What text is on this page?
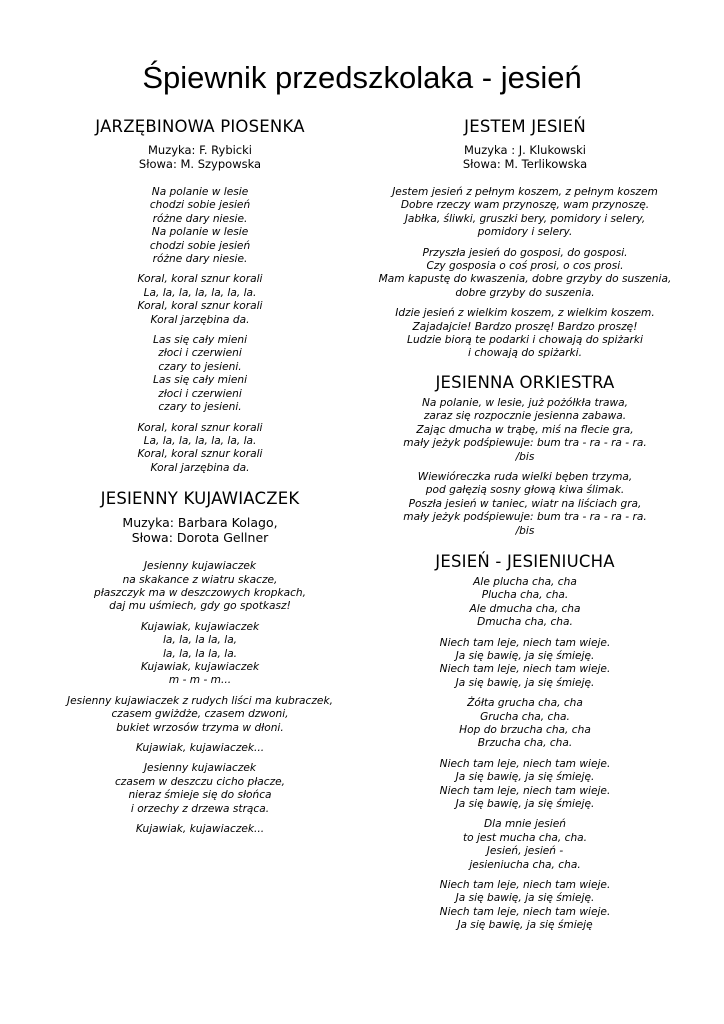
Śpiewnik przedszkolaka - jesień
JARZĘBINOWA PIOSENKA
Muzyka: F. Rybicki
Słowa: M. Szypowska
Na polanie w lesie
chodzi sobie jesień
różne dary niesie.
Na polanie w lesie
chodzi sobie jesień
różne dary niesie.
Koral, koral sznur korali
La, la, la, la, la, la, la.
Koral, koral sznur korali
Koral jarzębina da.
Las się cały mieni
złoci i czerwieni
czary to jesieni.
Las się cały mieni
złoci i czerwieni
czary to jesieni.
Koral, koral sznur korali
La, la, la, la, la, la, la.
Koral, koral sznur korali
Koral jarzębina da.
JESIENNY KUJAWIACZEK
Muzyka: Barbara Kolago,
Słowa: Dorota Gellner
Jesienny kujawiaczek
na skakance z wiatru skacze,
płaszczyk ma w deszczowych kropkach,
daj mu uśmiech, gdy go spotkasz!
Kujawiak, kujawiaczek
la, la, la la, la,
la, la, la la, la.
Kujawiak, kujawiaczek
m - m - m...
Jesienny kujawiaczek z rudych liści ma kubraczek,
czasem gwiżdże, czasem dzwoni,
bukiet wrzosów trzyma w dłoni.
Kujawiak, kujawiaczek...
Jesienny kujawiaczek
czasem w deszczu cicho płacze,
nieraz śmieje się do słońca
i orzechy z drzewa strąca.
Kujawiak, kujawiaczek...
JESTEM JESIEŃ
Muzyka : J. Klukowski
Słowa: M. Terlikowska
Jestem jesień z pełnym koszem, z pełnym koszem
Dobre rzeczy wam przynoszę, wam przynoszę.
Jabłka, śliwki, gruszki bery, pomidory i selery,
pomidory i selery.
Przyszła jesień do gosposi, do gosposi.
Czy gosposia o coś prosi, o cos prosi.
Mam kapustę do kwaszenia, dobre grzyby do suszenia,
dobre grzyby do suszenia.
Idzie jesień z wielkim koszem, z wielkim koszem.
Zajadajcie! Bardzo proszę! Bardzo proszę!
Ludzie biorą te podarki i chowają do spiżarki
i chowają do spiżarki.
JESIENNA ORKIESTRA
Na polanie, w lesie, już pożółkła trawa,
zaraz się rozpocznie jesienna zabawa.
Zając dmucha w trąbę, miś na flecie gra,
mały jeżyk podśpiewuje: bum tra - ra - ra - ra.
/bis
Wiewióreczka ruda wielki bęben trzyma,
pod gałęzią sosny głową kiwa ślimak.
Poszła jesień w taniec, wiatr na liściach gra,
mały jeżyk podśpiewuje: bum tra - ra - ra - ra.
/bis
JESIEŃ - JESIENIUCHA
Ale plucha cha, cha
Plucha cha, cha.
Ale dmucha cha, cha
Dmucha cha, cha.
Niech tam leje, niech tam wieje.
Ja się bawię, ja się śmieję.
Niech tam leje, niech tam wieje.
Ja się bawię, ja się śmieję.
Żółta grucha cha, cha
Grucha cha, cha.
Hop do brzucha cha, cha
Brzucha cha, cha.
Niech tam leje, niech tam wieje.
Ja się bawię, ja się śmieję.
Niech tam leje, niech tam wieje.
Ja się bawię, ja się śmieję.
Dla mnie jesień
to jest mucha cha, cha.
Jesień, jesień -
jesieniucha cha, cha.
Niech tam leje, niech tam wieje.
Ja się bawię, ja się śmieję.
Niech tam leje, niech tam wieje.
Ja się bawię, ja się śmieję
